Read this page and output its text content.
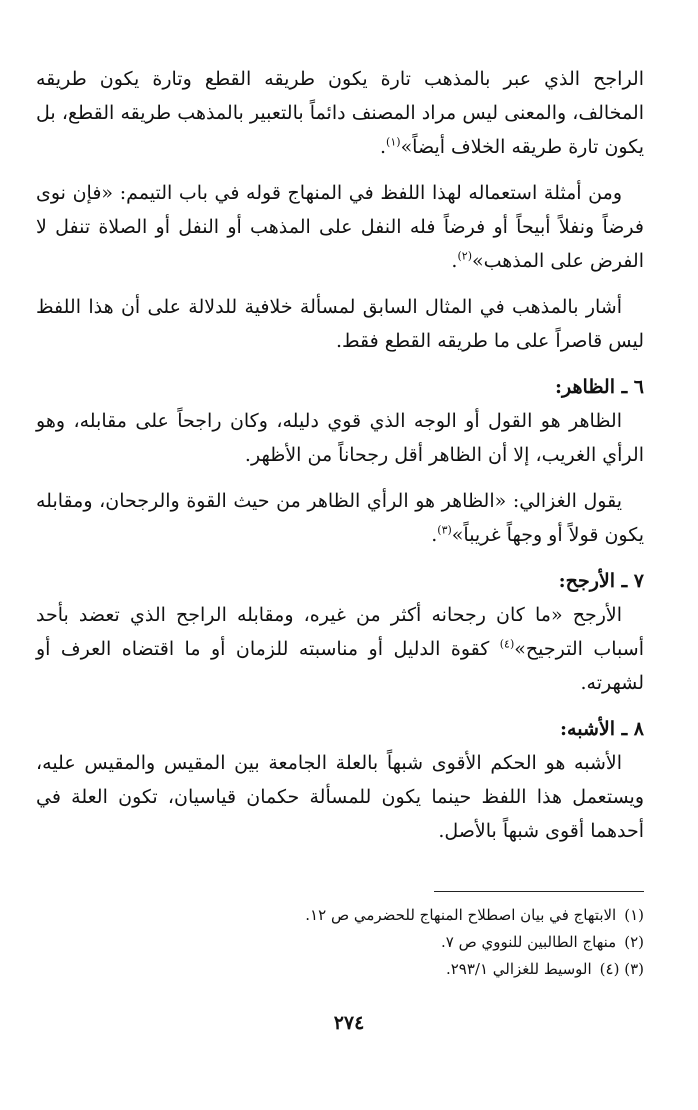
الراجح الذي عبر بالمذهب تارة يكون طريقه القطع وتارة يكون طريقه المخالف، والمعنى ليس مراد المصنف دائماً بالتعبير بالمذهب طريقه القطع، بل يكون تارة طريقه الخلاف أيضاً»$^{(١)}$.

ومن أمثلة استعماله لهذا اللفظ في المنهاج قوله في باب التيمم: «فإن نوى فرضاً ونفلاً أبيحاً أو فرضاً فله النفل على المذهب أو النفل أو الصلاة تنفل لا الفرض على المذهب»$^{(٢)}$.

أشار بالمذهب في المثال السابق لمسألة خلافية للدلالة على أن هذا اللفظ ليس قاصراً على ما طريقه القطع فقط.

٦ ـ الظاهر:

الظاهر هو القول أو الوجه الذي قوي دليله، وكان راجحاً على مقابله، وهو الرأي الغريب، إلا أن الظاهر أقل رجحاناً من الأظهر.

يقول الغزالي: «الظاهر هو الرأي الظاهر من حيث القوة والرجحان، ومقابله يكون قولاً أو وجهاً غريباً»$^{(٣)}$.

٧ ـ الأرجح:

الأرجح «ما كان رجحانه أكثر من غيره، ومقابله الراجح الذي تعضد بأحد أسباب الترجيح»$^{(٤)}$ كقوة الدليل أو مناسبته للزمان أو ما اقتضاه العرف أو لشهرته.

٨ ـ الأشبه:

الأشبه هو الحكم الأقوى شبهاً بالعلة الجامعة بين المقيس والمقيس عليه، ويستعمل هذا اللفظ حينما يكون للمسألة حكمان قياسيان، تكون العلة في أحدهما أقوى شبهاً بالأصل.

(١)الابتهاج في بيان اصطلاح المنهاج للحضرمي ص ١٢.

(٢)منهاج الطالبين للنووي ص ٧.

(٣) (٤)الوسيط للغزالي ٢٩٣/١.

٢٧٤
